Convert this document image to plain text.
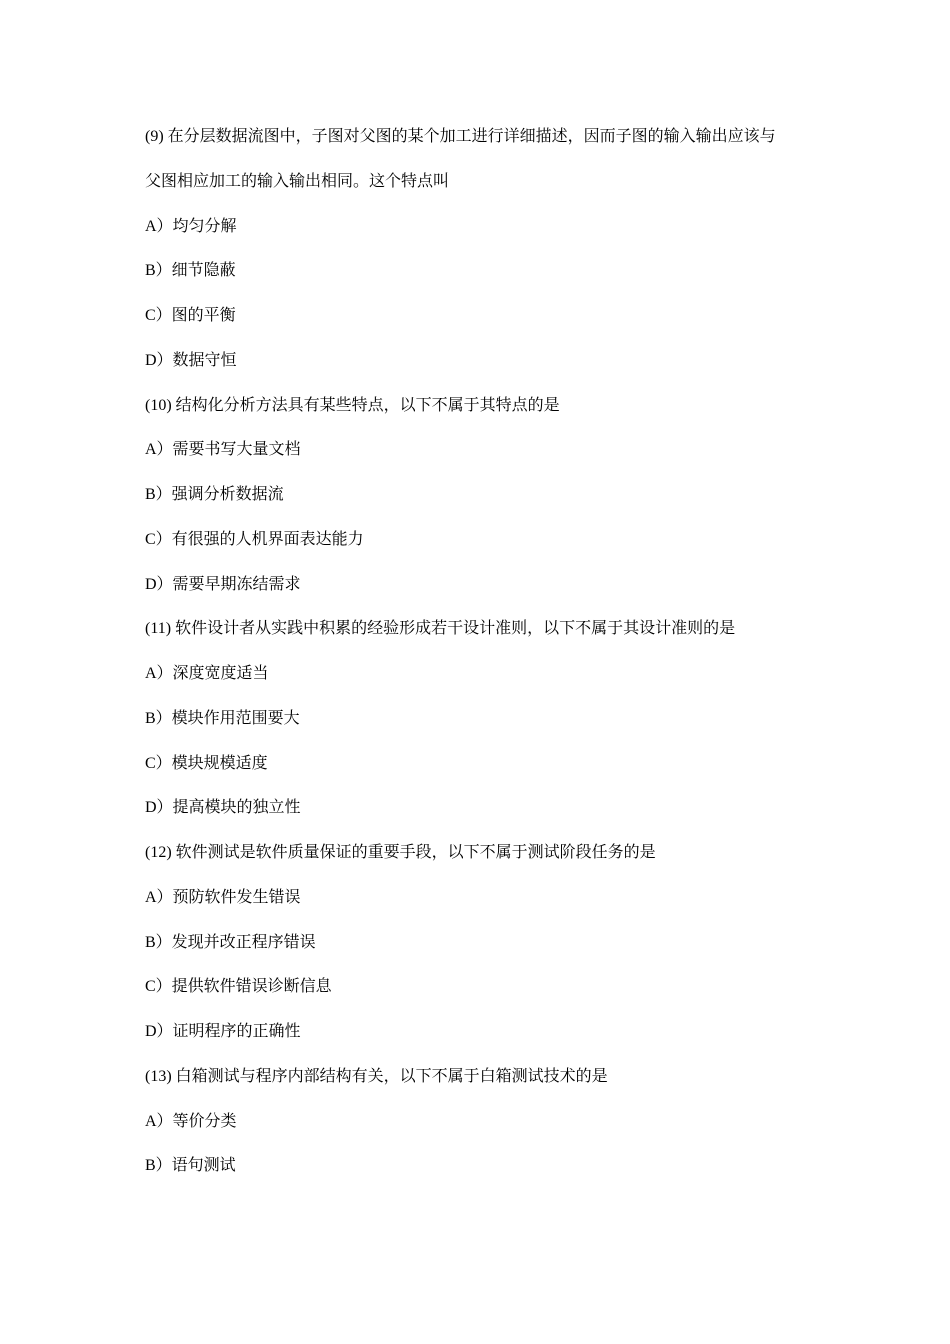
(9) 在分层数据流图中，子图对父图的某个加工进行详细描述，因而子图的输入输出应该与
父图相应加工的输入输出相同。这个特点叫
A）均匀分解
B）细节隐蔽
C）图的平衡
D）数据守恒
(10) 结构化分析方法具有某些特点，以下不属于其特点的是
A）需要书写大量文档
B）强调分析数据流
C）有很强的人机界面表达能力
D）需要早期冻结需求
(11) 软件设计者从实践中积累的经验形成若干设计准则，以下不属于其设计准则的是
A）深度宽度适当
B）模块作用范围要大
C）模块规模适度
D）提高模块的独立性
(12) 软件测试是软件质量保证的重要手段，以下不属于测试阶段任务的是
A）预防软件发生错误
B）发现并改正程序错误
C）提供软件错误诊断信息
D）证明程序的正确性
(13) 白箱测试与程序内部结构有关，以下不属于白箱测试技术的是
A）等价分类
B）语句测试
